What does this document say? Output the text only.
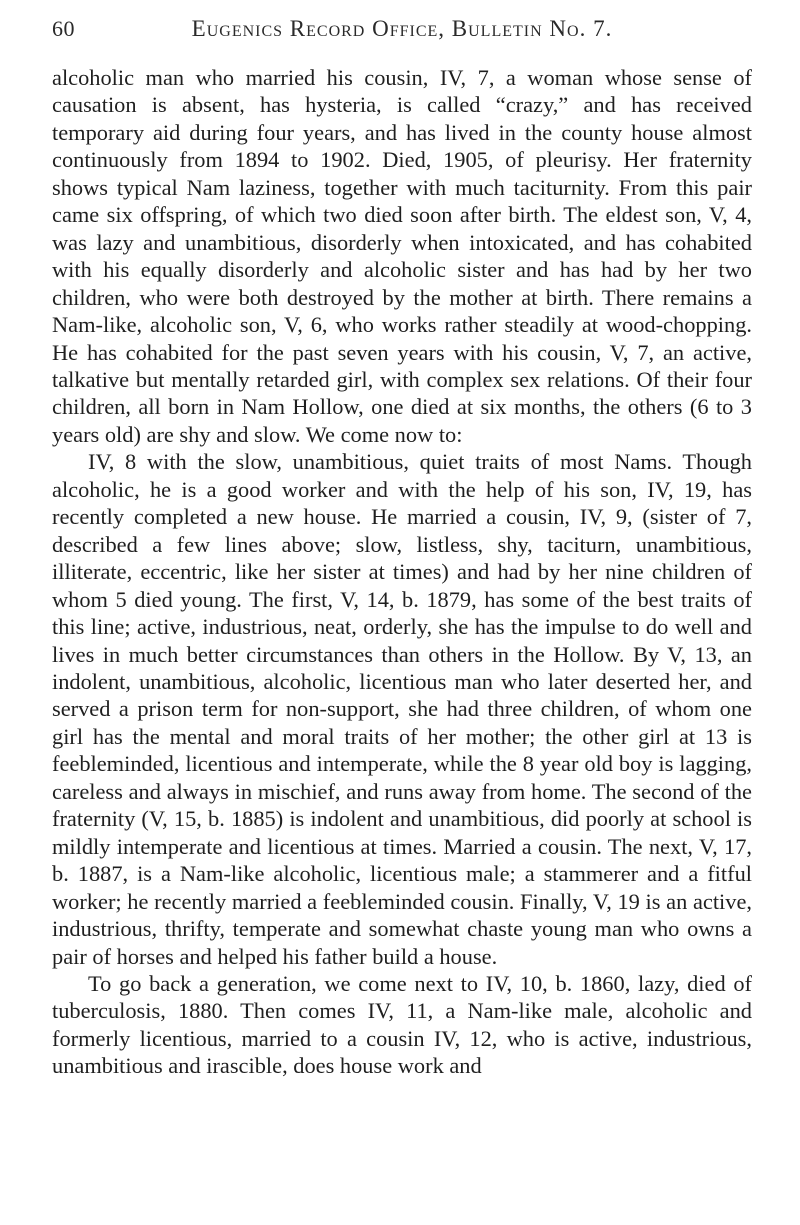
60	Eugenics Record Office, Bulletin No. 7.

alcoholic man who married his cousin, IV, 7, a woman whose sense of causation is absent, has hysteria, is called “crazy,” and has received temporary aid during four years, and has lived in the county house almost continuously from 1894 to 1902. Died, 1905, of pleurisy. Her fraternity shows typical Nam laziness, together with much taciturnity. From this pair came six offspring, of which two died soon after birth. The eldest son, V, 4, was lazy and unambitious, disorderly when intoxicated, and has cohabited with his equally disorderly and alcoholic sister and has had by her two children, who were both destroyed by the mother at birth. There remains a Nam-like, alcoholic son, V, 6, who works rather steadily at wood-chopping. He has cohabited for the past seven years with his cousin, V, 7, an active, talkative but mentally retarded girl, with complex sex relations. Of their four children, all born in Nam Hollow, one died at six months, the others (6 to 3 years old) are shy and slow. We come now to:

IV, 8 with the slow, unambitious, quiet traits of most Nams. Though alcoholic, he is a good worker and with the help of his son, IV, 19, has recently completed a new house. He married a cousin, IV, 9, (sister of 7, described a few lines above; slow, listless, shy, taciturn, unambitious, illiterate, eccentric, like her sister at times) and had by her nine children of whom 5 died young. The first, V, 14, b. 1879, has some of the best traits of this line; active, industrious, neat, orderly, she has the impulse to do well and lives in much better circumstances than others in the Hollow. By V, 13, an indolent, unambitious, alcoholic, licentious man who later deserted her, and served a prison term for non-support, she had three children, of whom one girl has the mental and moral traits of her mother; the other girl at 13 is feebleminded, licentious and intemperate, while the 8 year old boy is lagging, careless and always in mischief, and runs away from home. The second of the fraternity (V, 15, b. 1885) is indolent and unambitious, did poorly at school is mildly intemperate and licentious at times. Married a cousin. The next, V, 17, b. 1887, is a Nam-like alcoholic, licentious male; a stammerer and a fitful worker; he recently married a feebleminded cousin. Finally, V, 19 is an active, industrious, thrifty, temperate and somewhat chaste young man who owns a pair of horses and helped his father build a house.

To go back a generation, we come next to IV, 10, b. 1860, lazy, died of tuberculosis, 1880. Then comes IV, 11, a Nam-like male, alcoholic and formerly licentious, married to a cousin IV, 12, who is active, industrious, unambitious and irascible, does house work and
